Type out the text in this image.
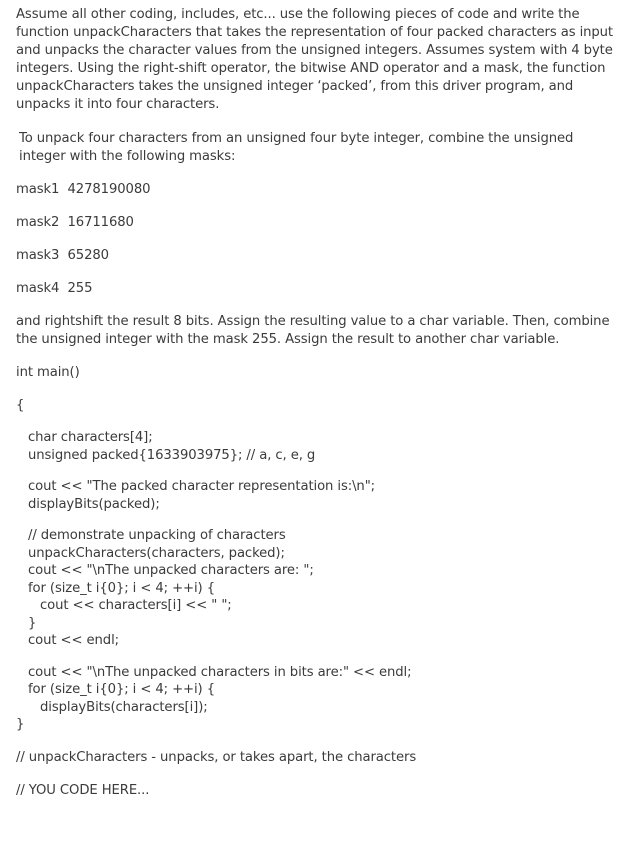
Assume all other coding, includes, etc... use the following pieces of code and write the function unpackCharacters that takes the representation of four packed characters as input and unpacks the character values from the unsigned integers. Assumes system with 4 byte integers. Using the right-shift operator, the bitwise AND operator and a mask, the function unpackCharacters takes the unsigned integer ‘packed’, from this driver program, and unpacks it into four characters.

To unpack four characters from an unsigned four byte integer, combine the unsigned integer with the following masks:

mask1 4278190080

mask2 16711680

mask3 65280

mask4 255

and rightshift the result 8 bits. Assign the resulting value to a char variable. Then, combine the unsigned integer with the mask 255. Assign the result to another char variable.

int main()

{

char characters[4];

unsigned packed{1633903975}; // a, c, e, g

cout << "The packed character representation is:\n";

displayBits(packed);

// demonstrate unpacking of characters

unpackCharacters(characters, packed);

cout << "\nThe unpacked characters are: ";

for (size_t i{0}; i < 4; ++i) {

cout << characters[i] << " ";

}

cout << endl;

cout << "\nThe unpacked characters in bits are:" << endl;

for (size_t i{0}; i < 4; ++i) {

displayBits(characters[i]);

}

// unpackCharacters - unpacks, or takes apart, the characters

// YOU CODE HERE...
